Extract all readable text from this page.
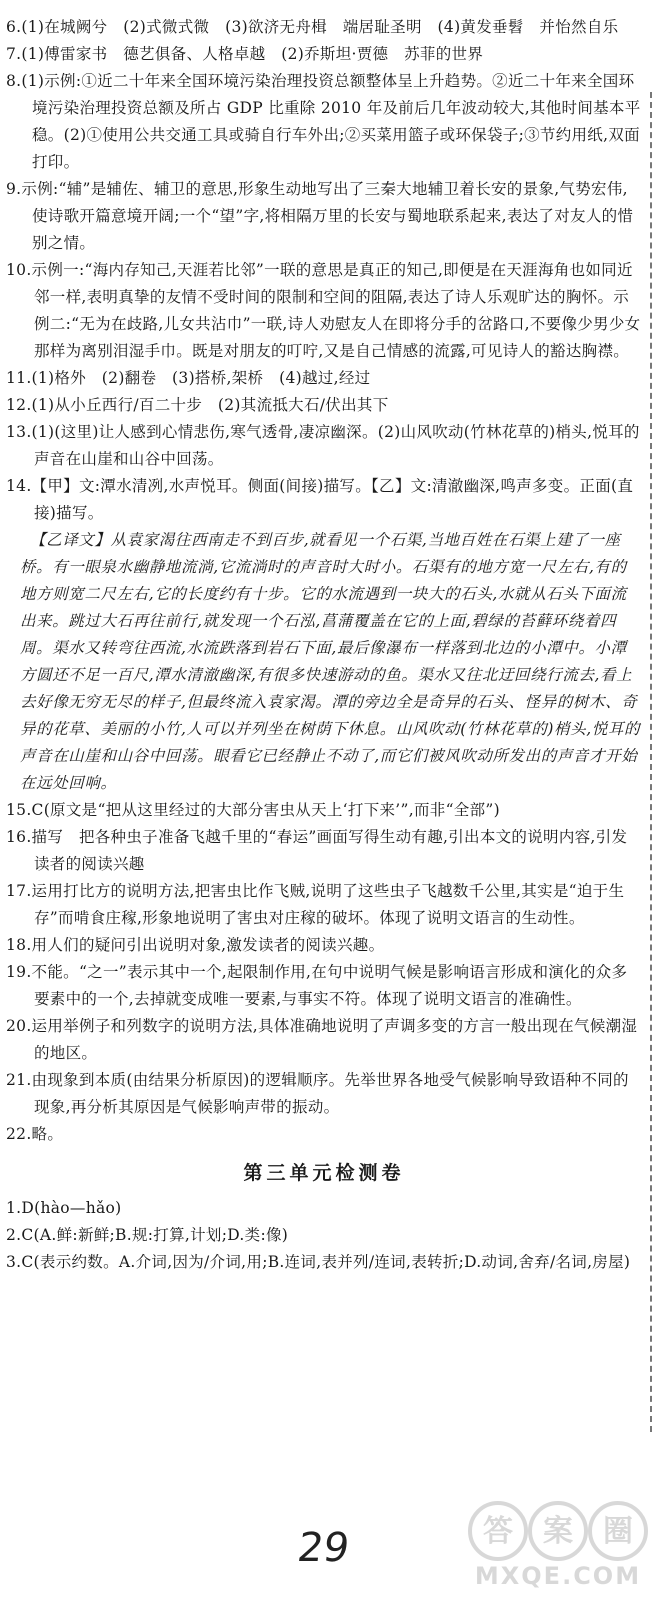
6.(1)在城阙兮　(2)式微式微　(3)欲济无舟楫　端居耻圣明　(4)黄发垂髫　并怡然自乐
7.(1)傅雷家书　德艺俱备、人格卓越　(2)乔斯坦·贾德　苏菲的世界
8.(1)示例:①近二十年来全国环境污染治理投资总额整体呈上升趋势。②近二十年来全国环境污染治理投资总额及所占 GDP 比重除 2010 年及前后几年波动较大,其他时间基本平稳。(2)①使用公共交通工具或骑自行车外出;②买菜用篮子或环保袋子;③节约用纸,双面打印。
9.示例:“辅”是辅佐、辅卫的意思,形象生动地写出了三秦大地辅卫着长安的景象,气势宏伟,使诗歌开篇意境开阔;一个“望”字,将相隔万里的长安与蜀地联系起来,表达了对友人的惜别之情。
10.示例一:“海内存知己,天涯若比邻”一联的意思是真正的知己,即便是在天涯海角也如同近邻一样,表明真挚的友情不受时间的限制和空间的阻隔,表达了诗人乐观旷达的胸怀。示例二:“无为在歧路,儿女共沾巾”一联,诗人劝慰友人在即将分手的岔路口,不要像少男少女那样为离别泪湿手巾。既是对朋友的叮咛,又是自己情感的流露,可见诗人的豁达胸襟。
11.(1)格外　(2)翻卷　(3)搭桥,架桥　(4)越过,经过
12.(1)从小丘西行/百二十步　(2)其流抵大石/伏出其下
13.(1)(这里)让人感到心情悲伤,寒气透骨,凄凉幽深。(2)山风吹动(竹林花草的)梢头,悦耳的声音在山崖和山谷中回荡。
14.【甲】文:潭水清冽,水声悦耳。侧面(间接)描写。【乙】文:清澈幽深,鸣声多变。正面(直接)描写。
【乙译文】从袁家渴往西南走不到百步,就看见一个石渠,当地百姓在石渠上建了一座桥。有一眼泉水幽静地流淌,它流淌时的声音时大时小。石渠有的地方宽一尺左右,有的地方则宽二尺左右,它的长度约有十步。它的水流遇到一块大的石头,水就从石头下面流出来。跳过大石再往前行,就发现一个石泓,菖蒲覆盖在它的上面,碧绿的苔藓环绕着四周。渠水又转弯往西流,水流跌落到岩石下面,最后像瀑布一样落到北边的小潭中。小潭方圆还不足一百尺,潭水清澈幽深,有很多快速游动的鱼。渠水又往北迂回绕行流去,看上去好像无穷无尽的样子,但最终流入袁家渴。潭的旁边全是奇异的石头、怪异的树木、奇异的花草、美丽的小竹,人可以并列坐在树荫下休息。山风吹动(竹林花草的)梢头,悦耳的声音在山崖和山谷中回荡。眼看它已经静止不动了,而它们被风吹动所发出的声音才开始在远处回响。
15.C(原文是“把从这里经过的大部分害虫从天上‘打下来’”,而非“全部”)
16.描写　把各种虫子准备飞越千里的“春运”画面写得生动有趣,引出本文的说明内容,引发读者的阅读兴趣
17.运用打比方的说明方法,把害虫比作飞贼,说明了这些虫子飞越数千公里,其实是“迫于生存”而啃食庄稼,形象地说明了害虫对庄稼的破坏。体现了说明文语言的生动性。
18.用人们的疑问引出说明对象,激发读者的阅读兴趣。
19.不能。“之一”表示其中一个,起限制作用,在句中说明气候是影响语言形成和演化的众多要素中的一个,去掉就变成唯一要素,与事实不符。体现了说明文语言的准确性。
20.运用举例子和列数字的说明方法,具体准确地说明了声调多变的方言一般出现在气候潮湿的地区。
21.由现象到本质(由结果分析原因)的逻辑顺序。先举世界各地受气候影响导致语种不同的现象,再分析其原因是气候影响声带的振动。
22.略。
第三单元检测卷
1.D(hào—hǎo)
2.C(A.鲜:新鲜;B.规:打算,计划;D.类:像)
3.C(表示约数。A.介词,因为/介词,用;B.连词,表并列/连词,表转折;D.动词,舍弃/名词,房屋)
29	答 案 圈
MXQE.COM
